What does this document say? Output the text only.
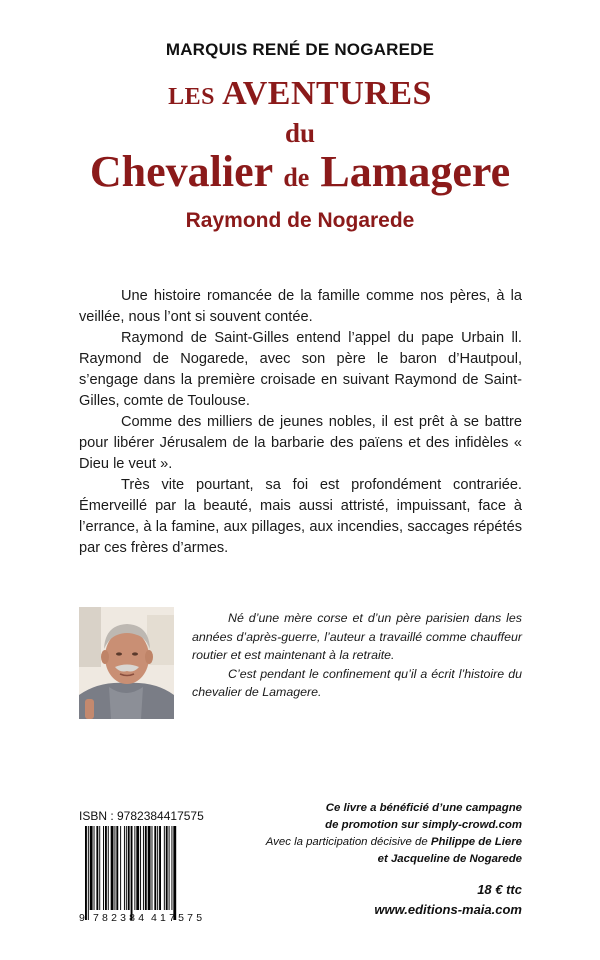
MARQUIS RENÉ DE NOGAREDE
LES AVENTURES
du
Chevalier de Lamagere
Raymond de Nogarede

Une histoire romancée de la famille comme nos pères, à la veillée, nous l’ont si souvent contée.

Raymond de Saint-Gilles entend l’appel du pape Urbain ll. Raymond de Nogarede, avec son père le baron d’Hautpoul, s’engage dans la première croisade en suivant Raymond de Saint-Gilles, comte de Toulouse.

Comme des milliers de jeunes nobles, il est prêt à se battre pour libérer Jérusalem de la barbarie des païens et des infidèles « Dieu le veut ».

Très vite pourtant, sa foi est profondément contrariée. Émerveillé par la beauté, mais aussi attristé, impuissant, face à l’errance, à la famine, aux pillages, aux incendies, saccages répétés par ces frères d’armes.

Né d’une mère corse et d’un père parisien dans les années d’après-guerre, l’auteur a travaillé comme chauffeur routier et est maintenant à la retraite.

C’est pendant le confinement qu’il a écrit l’histoire du chevalier de Lamagere.

ISBN : 9782384417575
9 782384 417575
Ce livre a bénéficié d’une campagne
de promotion sur simply-crowd.com
Avec la participation décisive de Philippe de Liere
et Jacqueline de Nogarede
18 € ttc
www.editions-maia.com
